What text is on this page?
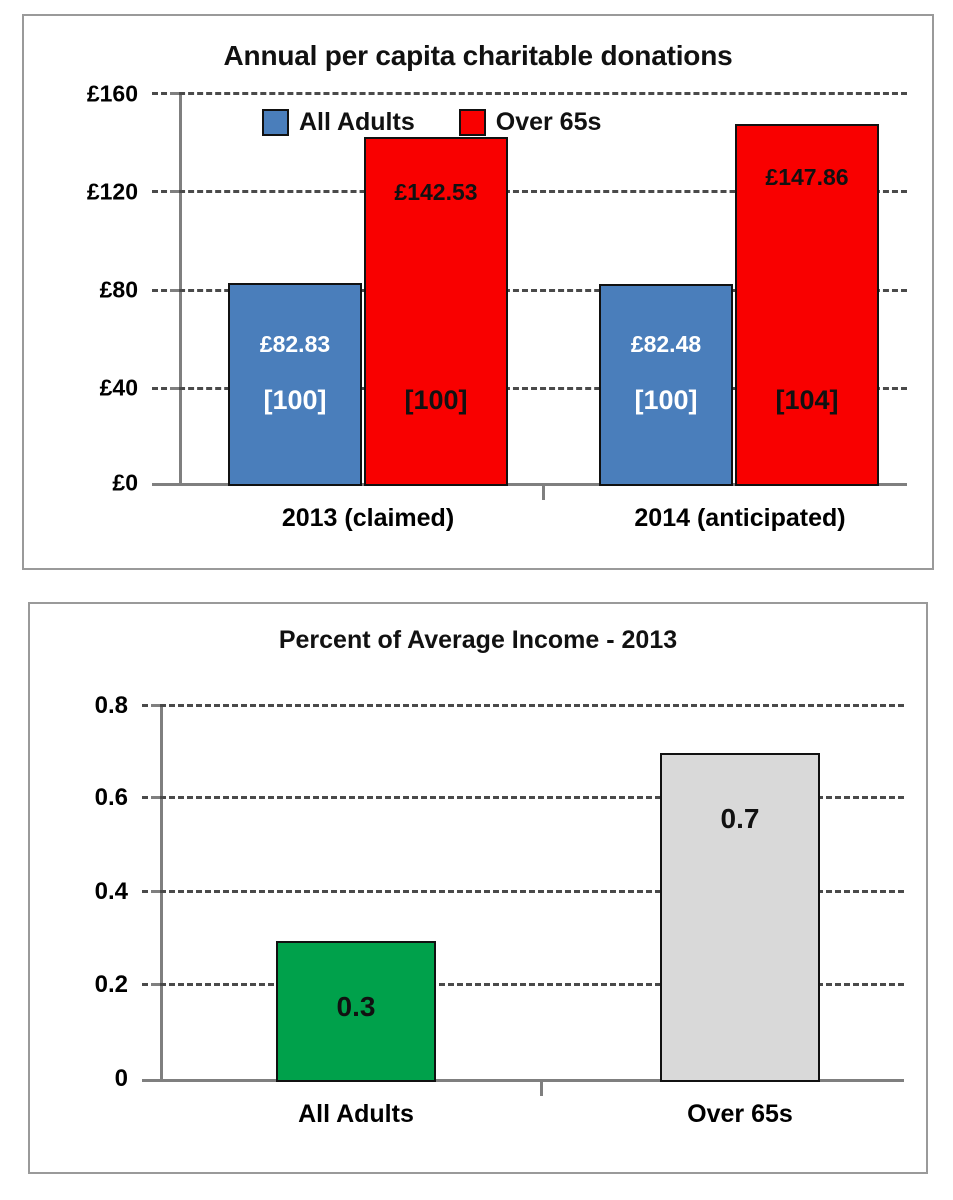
Annual per capita charitable donations
All Adults	Over 65s
£160
£120
£80
£40
£0
£82.83
[100]
£142.53
[100]
£82.48
[100]
£147.86
[104]
2013 (claimed)	2014 (anticipated)
Percent of Average Income - 2013
0.8
0.6
0.4
0.2
0
0.3
0.7
All Adults	Over 65s
